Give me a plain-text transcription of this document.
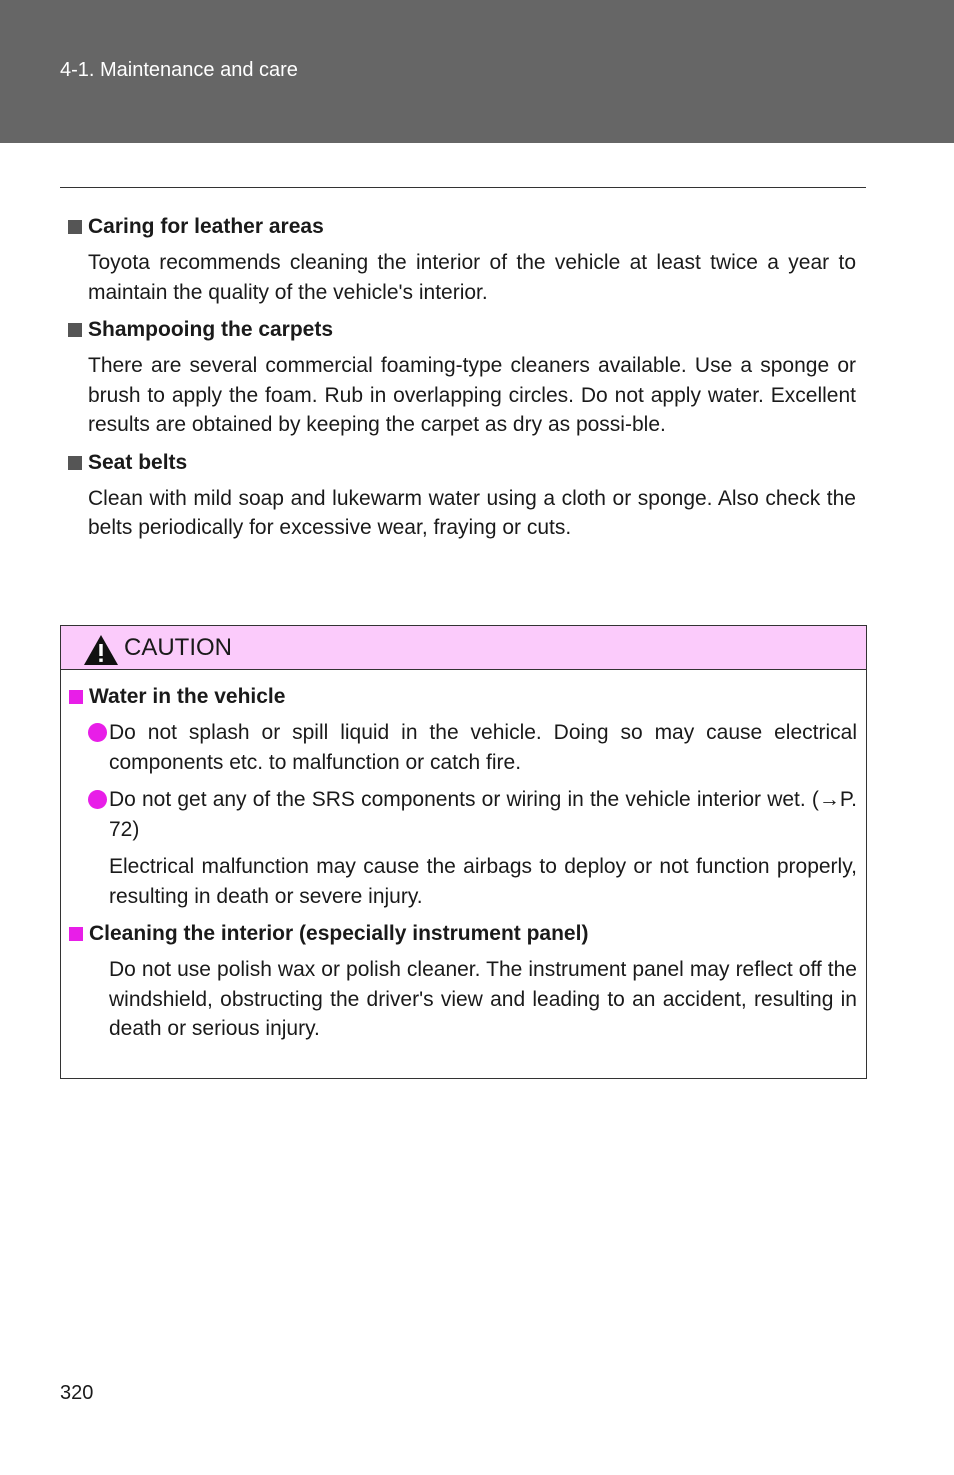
4-1. Maintenance and care
Caring for leather areas
Toyota recommends cleaning the interior of the vehicle at least twice a year to maintain the quality of the vehicle's interior.
Shampooing the carpets
There are several commercial foaming-type cleaners available. Use a sponge or brush to apply the foam. Rub in overlapping circles. Do not apply water. Excellent results are obtained by keeping the carpet as dry as possi-ble.
Seat belts
Clean with mild soap and lukewarm water using a cloth or sponge. Also check the belts periodically for excessive wear, fraying or cuts.
CAUTION
Water in the vehicle
Do not splash or spill liquid in the vehicle. Doing so may cause electrical components etc. to malfunction or catch fire.
Do not get any of the SRS components or wiring in the vehicle interior wet. (→P. 72)
Electrical malfunction may cause the airbags to deploy or not function properly, resulting in death or severe injury.
Cleaning the interior (especially instrument panel)
Do not use polish wax or polish cleaner. The instrument panel may reflect off the windshield, obstructing the driver's view and leading to an accident, resulting in death or serious injury.
320
